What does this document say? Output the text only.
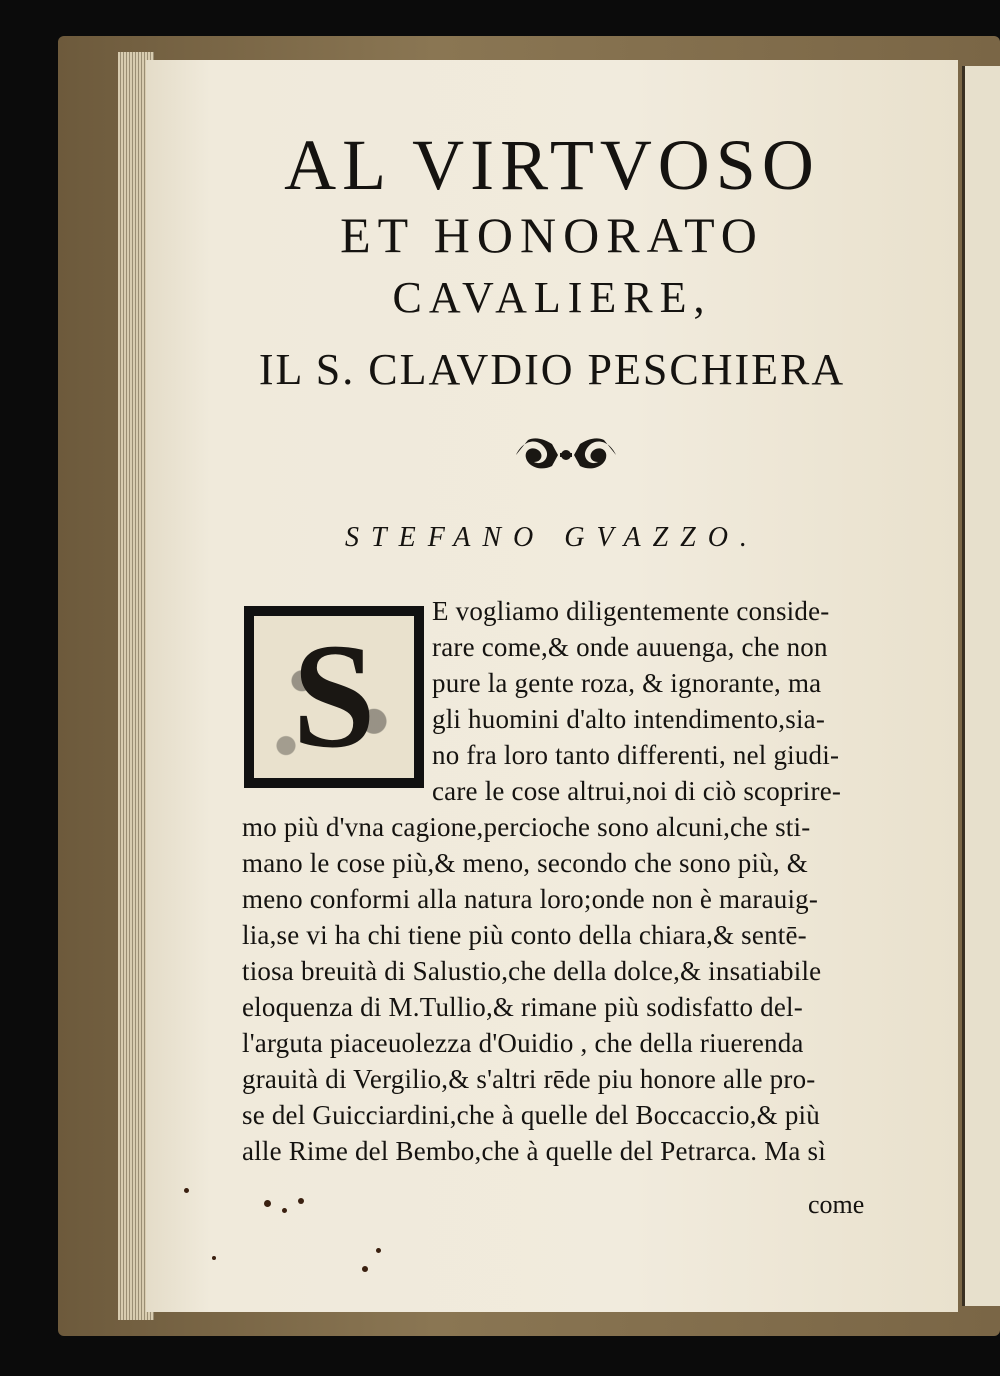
AL VIRTVOSO
ET HONORATO
CAVALIERE,
IL S. CLAVDIO PESCHIERA
STEFANO GVAZZO.
S

E vogliamo diligentemente conside-

rare come,& onde auuenga, che non

pure la gente roza, & ignorante, ma

gli huomini d'alto intendimento,sia-

no fra loro tanto differenti, nel giudi-

care le cose altrui,noi di ciò scoprire-

mo più d'vna cagione,percioche sono alcuni,che sti-

mano le cose più,& meno, secondo che sono più, &

meno conformi alla natura loro;onde non è marauig-

lia,se vi ha chi tiene più conto della chiara,& sentē-

tiosa breuità di Salustio,che della dolce,& insatiabile

eloquenza di M.Tullio,& rimane più sodisfatto del-

l'arguta piaceuolezza d'Ouidio , che della riuerenda

grauità di Vergilio,& s'altri rēde piu honore alle pro-

se del Guicciardini,che à quelle del Boccaccio,& più

alle Rime del Bembo,che à quelle del Petrarca. Ma sì

come
